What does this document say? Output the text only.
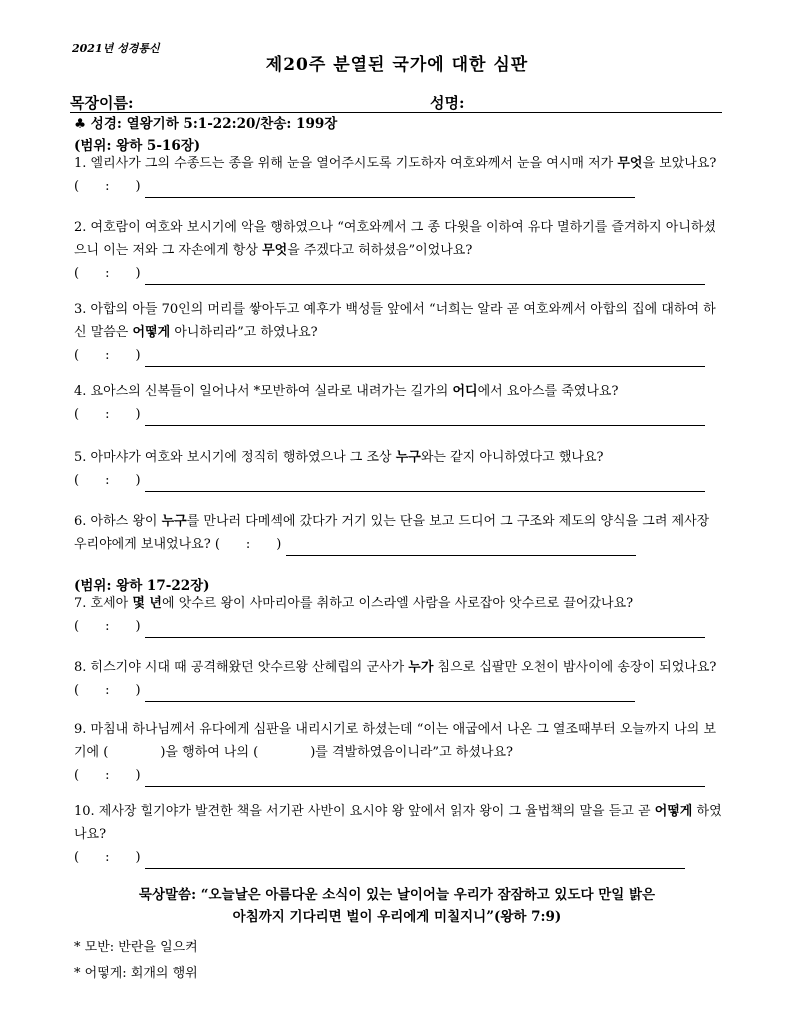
2021년 성경통신
제20주 분열된 국가에 대한 심판
목장이름:	성명:
♣ 성경: 열왕기하 5:1-22:20/찬송: 199장
(범위: 왕하 5-16장)
1. 엘리사가 그의 수종드는 종을 위해 눈을 열어주시도록 기도하자 여호와께서 눈을 여시매 저가 무엇을 보았나요? (　　:　　)
2. 여호람이 여호와 보시기에 악을 행하였으나 “여호와께서 그 종 다윗을 이하여 유다 멸하기를 즐겨하지 아니하셨으니 이는 저와 그 자손에게 항상 무엇을 주겠다고 허하셨음”이었나요?
(　　:　　)
3. 아합의 아들 70인의 머리를 쌓아두고 예후가 백성들 앞에서 “너희는 알라 곧 여호와께서 아합의 집에 대하여 하신 말씀은 어떻게 아니하리라”고 하였나요?
(　　:　　)
4. 요아스의 신복들이 일어나서 *모반하여 실라로 내려가는 길가의 어디에서 요아스를 죽였나요?
(　　:　　)
5. 아마샤가 여호와 보시기에 정직히 행하였으나 그 조상 누구와는 같지 아니하였다고 했나요?
(　　:　　)
6. 아하스 왕이 누구를 만나러 다메섹에 갔다가 거기 있는 단을 보고 드디어 그 구조와 제도의 양식을 그려 제사장 우리야에게 보내었나요? (　　:　　)
(범위: 왕하 17-22장)
7. 호세아 몇 년에 앗수르 왕이 사마리아를 취하고 이스라엘 사람을 사로잡아 앗수르로 끌어갔나요?
(　　:　　)
8. 히스기야 시대 때 공격해왔던 앗수르왕 산헤립의 군사가 누가 침으로 십팔만 오천이 밤사이에 송장이 되었나요? (　　:　　)
9. 마침내 하나님께서 유다에게 심판을 내리시기로 하셨는데 “이는 애굽에서 나온 그 열조때부터 오늘까지 나의 보기에 (　　　　)을 행하여 나의 (　　　　)를 격발하였음이니라”고 하셨나요?
(　　:　　)
10. 제사장 힐기야가 발견한 책을 서기관 사반이 요시야 왕 앞에서 읽자 왕이 그 율법책의 말을 듣고 곧 어떻게 하였나요?
(　　:　　)
묵상말씀: “오늘날은 아름다운 소식이 있는 날이어늘 우리가 잠잠하고 있도다 만일 밝은
아침까지 기다리면 벌이 우리에게 미칠지니”(왕하 7:9)
* 모반: 반란을 일으켜
* 어떻게: 회개의 행위
